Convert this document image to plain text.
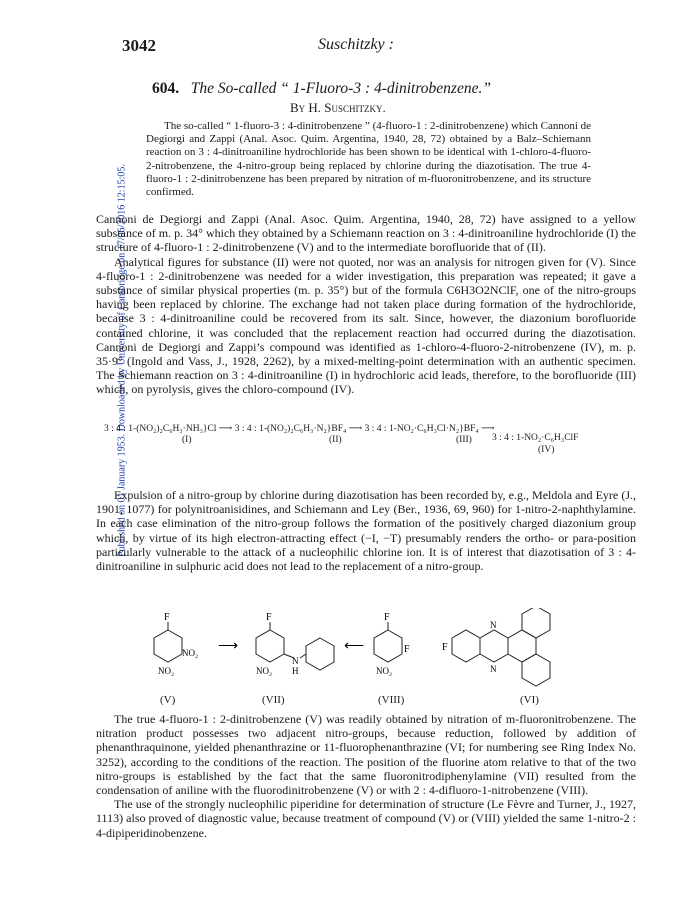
Published on 01 January 1953. Downloaded by University of Cambridge on 17/06/2016 12:15:05.
3042	Suschitzky :
604. The So-called “ 1-Fluoro-3 : 4-dinitrobenzene.”
By H. Suschitzky.
The so-called “ 1-fluoro-3 : 4-dinitrobenzene ” (4-fluoro-1 : 2-dinitrobenzene) which Cannoni de Degiorgi and Zappi (Anal. Asoc. Quim. Argentina, 1940, 28, 72) obtained by a Balz–Schiemann reaction on 3 : 4-dinitroaniline hydrochloride has been shown to be identical with 1-chloro-4-fluoro-2-nitrobenzene, the 4-nitro-group being replaced by chlorine during the diazotisation. The true 4-fluoro-1 : 2-dinitrobenzene has been prepared by nitration of m-fluoronitrobenzene, and its structure confirmed.

Cannoni de Degiorgi and Zappi (Anal. Asoc. Quim. Argentina, 1940, 28, 72) have assigned to a yellow substance of m. p. 34° which they obtained by a Schiemann reaction on 3 : 4-dinitroaniline hydrochloride (I) the structure of 4-fluoro-1 : 2-dinitrobenzene (V) and to the intermediate borofluoride that of (II).

Analytical figures for substance (II) were not quoted, nor was an analysis for nitrogen given for (V). Since 4-fluoro-1 : 2-dinitrobenzene was needed for a wider investigation, this preparation was repeated; it gave a substance of similar physical properties (m. p. 35°) but of the formula C6H3O2NClF, one of the nitro-groups having been replaced by chlorine. The exchange had not taken place during formation of the hydrochloride, because 3 : 4-dinitroaniline could be recovered from its salt. Since, however, the diazonium borofluoride contained chlorine, it was concluded that the replacement reaction had occurred during the diazotisation. Cannoni de Degiorgi and Zappi’s compound was identified as 1-chloro-4-fluoro-2-nitrobenzene (IV), m. p. 35·9° (Ingold and Vass, J., 1928, 2262), by a mixed-melting-point determination with an authentic specimen. The Schiemann reaction on 3 : 4-dinitroaniline (I) in hydrochloric acid leads, therefore, to the borofluoride (III) which, on pyrolysis, gives the chloro-compound (IV).

3 : 4 : 1-(NO₂)₂C₆H₃·NH₃}Cl ⟶ 3 : 4 : 1-(NO₂)₂C₆H₃·N₂}BF₄ ⟶ 3 : 4 : 1-NO₂·C₆H₃Cl·N₂}BF₄ ⟶
(I)	(II)	(III) 3 : 4 : 1-NO₂·C₆H₃ClF
(IV)

Expulsion of a nitro-group by chlorine during diazotisation has been recorded by, e.g., Meldola and Eyre (J., 1901, 1077) for polynitroanisidines, and Schiemann and Ley (Ber., 1936, 69, 960) for 1-nitro-2-naphthylamine. In each case elimination of the nitro-group follows the formation of the positively charged diazonium group which, by virtue of its high electron-attracting effect (−I, −T) presumably renders the ortho- or para-position particularly vulnerable to the attack of a nucleophilic chlorine ion. It is of interest that diazotisation of 3 : 4-dinitroaniline in sulphuric acid does not lead to the replacement of a nitro-group.

F
NO₂
NO₂
⟶
F
N
H
NO₂
⟵
F
F
NO₂
F
N
N
(V)	(VII)	(VIII)	(VI)

The true 4-fluoro-1 : 2-dinitrobenzene (V) was readily obtained by nitration of m-fluoronitrobenzene. The nitration product possesses two adjacent nitro-groups, because reduction, followed by addition of phenanthraquinone, yielded phenanthrazine or 11-fluorophenanthrazine (VI; for numbering see Ring Index No. 3252), according to the conditions of the reaction. The position of the fluorine atom relative to that of the two nitro-groups is established by the fact that the same fluoronitrodiphenylamine (VII) resulted from the condensation of aniline with the fluorodinitrobenzene (V) or with 2 : 4-difluoro-1-nitrobenzene (VIII).

The use of the strongly nucleophilic piperidine for determination of structure (Le Fèvre and Turner, J., 1927, 1113) also proved of diagnostic value, because treatment of compound (V) or (VIII) yielded the same 1-nitro-2 : 4-dipiperidinobenzene.
